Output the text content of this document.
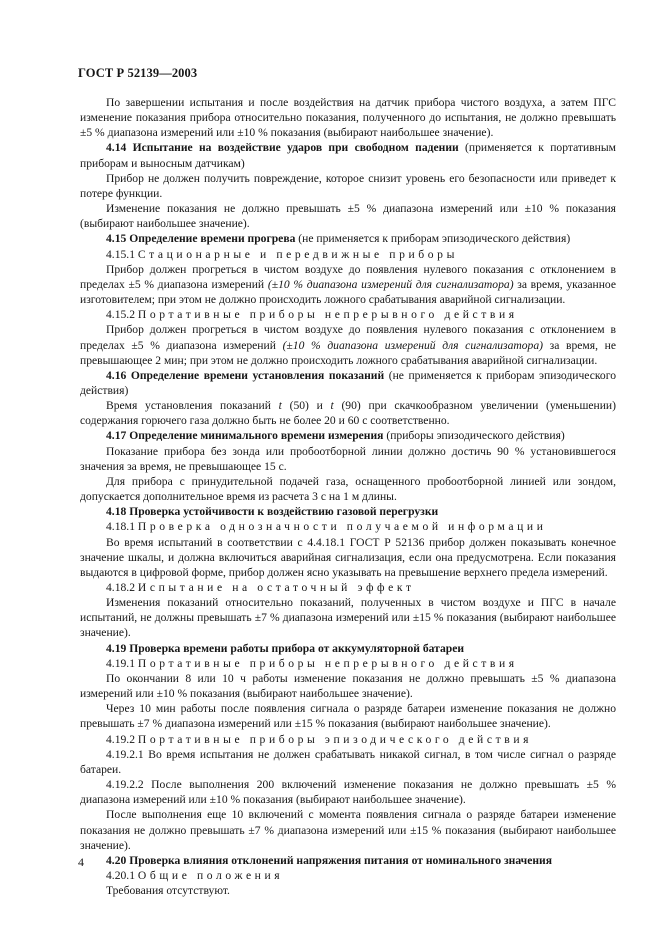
ГОСТ Р 52139—2003

По завершении испытания и после воздействия на датчик прибора чистого воздуха, а затем ПГС изменение показания прибора относительно показания, полученного до испытания, не должно превышать ±5 % диапазона измерений или ±10 % показания (выбирают наибольшее значение).

4.14 Испытание на воздействие ударов при свободном падении (применяется к портативным приборам и выносным датчикам)

Прибор не должен получить повреждение, которое снизит уровень его безопасности или приведет к потере функции.

Изменение показания не должно превышать ±5 % диапазона измерений или ±10 % показания (выбирают наибольшее значение).

4.15 Определение времени прогрева (не применяется к приборам эпизодического действия)

4.15.1 Стационарные и передвижные приборы

Прибор должен прогреться в чистом воздухе до появления нулевого показания с отклонением в пределах ±5 % диапазона измерений (±10 % диапазона измерений для сигнализатора) за время, указанное изготовителем; при этом не должно происходить ложного срабатывания аварийной сигнализации.

4.15.2 Портативные приборы непрерывного действия

Прибор должен прогреться в чистом воздухе до появления нулевого показания с отклонением в пределах ±5 % диапазона измерений (±10 % диапазона измерений для сигнализатора) за время, не превышающее 2 мин; при этом не должно происходить ложного срабатывания аварийной сигнализации.

4.16 Определение времени установления показаний (не применяется к приборам эпизодического действия)

Время установления показаний t (50) и t (90) при скачкообразном увеличении (уменьшении) содержания горючего газа должно быть не более 20 и 60 с соответственно.

4.17 Определение минимального времени измерения (приборы эпизодического действия)

Показание прибора без зонда или пробоотборной линии должно достичь 90 % установившегося значения за время, не превышающее 15 с.

Для прибора с принудительной подачей газа, оснащенного пробоотборной линией или зондом, допускается дополнительное время из расчета 3 с на 1 м длины.

4.18 Проверка устойчивости к воздействию газовой перегрузки

4.18.1 Проверка однозначности получаемой информации

Во время испытаний в соответствии с 4.4.18.1 ГОСТ Р 52136 прибор должен показывать конечное значение шкалы, и должна включиться аварийная сигнализация, если она предусмотрена. Если показания выдаются в цифровой форме, прибор должен ясно указывать на превышение верхнего предела измерений.

4.18.2 Испытание на остаточный эффект

Изменения показаний относительно показаний, полученных в чистом воздухе и ПГС в начале испытаний, не должны превышать ±7 % диапазона измерений или ±15 % показания (выбирают наибольшее значение).

4.19 Проверка времени работы прибора от аккумуляторной батареи

4.19.1 Портативные приборы непрерывного действия

По окончании 8 или 10 ч работы изменение показания не должно превышать ±5 % диапазона измерений или ±10 % показания (выбирают наибольшее значение).

Через 10 мин работы после появления сигнала о разряде батареи изменение показания не должно превышать ±7 % диапазона измерений или ±15 % показания (выбирают наибольшее значение).

4.19.2 Портативные приборы эпизодического действия

4.19.2.1 Во время испытания не должен срабатывать никакой сигнал, в том числе сигнал о разряде батареи.

4.19.2.2 После выполнения 200 включений изменение показания не должно превышать ±5 % диапазона измерений или ±10 % показания (выбирают наибольшее значение).

После выполнения еще 10 включений с момента появления сигнала о разряде батареи изменение показания не должно превышать ±7 % диапазона измерений или ±15 % показания (выбирают наибольшее значение).

4.20 Проверка влияния отклонений напряжения питания от номинального значения

4.20.1 Общие положения

Требования отсутствуют.

4
